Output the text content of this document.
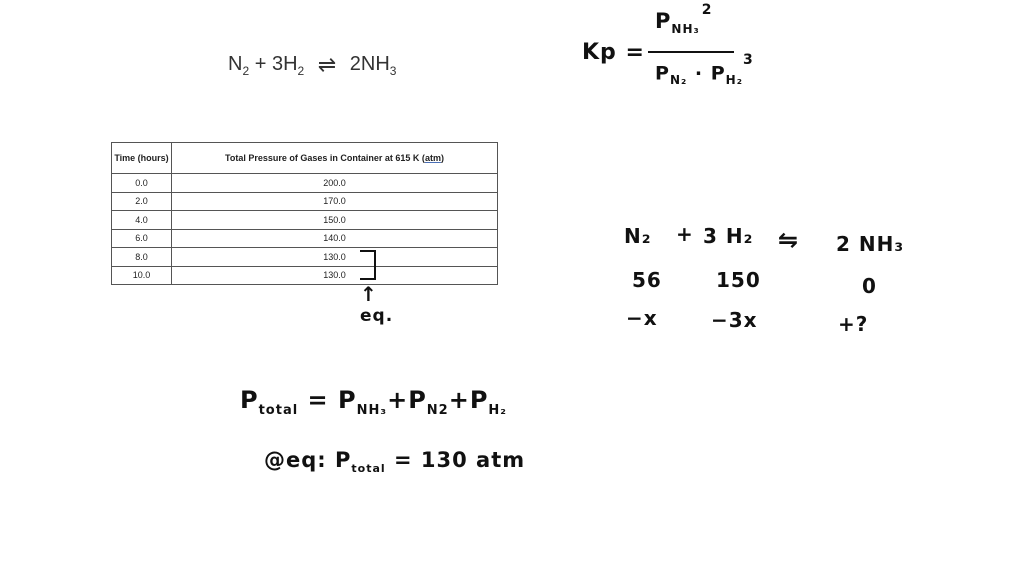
$N_2 + 3H_2$ ⇌ $2NH_3$
Kp =
$P_{NH_3}^2$
$P_{N_2} \cdot P_{H_2}^3$
Time (hours)	Total Pressure of Gases in Container at 615 K (atm)
0.0	200.0
2.0	170.0
4.0	150.0
6.0	140.0
8.0	130.0
10.0	130.0
↑
eq.
N₂ + 3 H₂ ⇋ 2 NH₃
56	150	0
−x	−3x	+?
$P_{total} = P_{NH_3}+P_{N2}+P_{H_2}$
@eq: $P_{total} = 130$ atm
